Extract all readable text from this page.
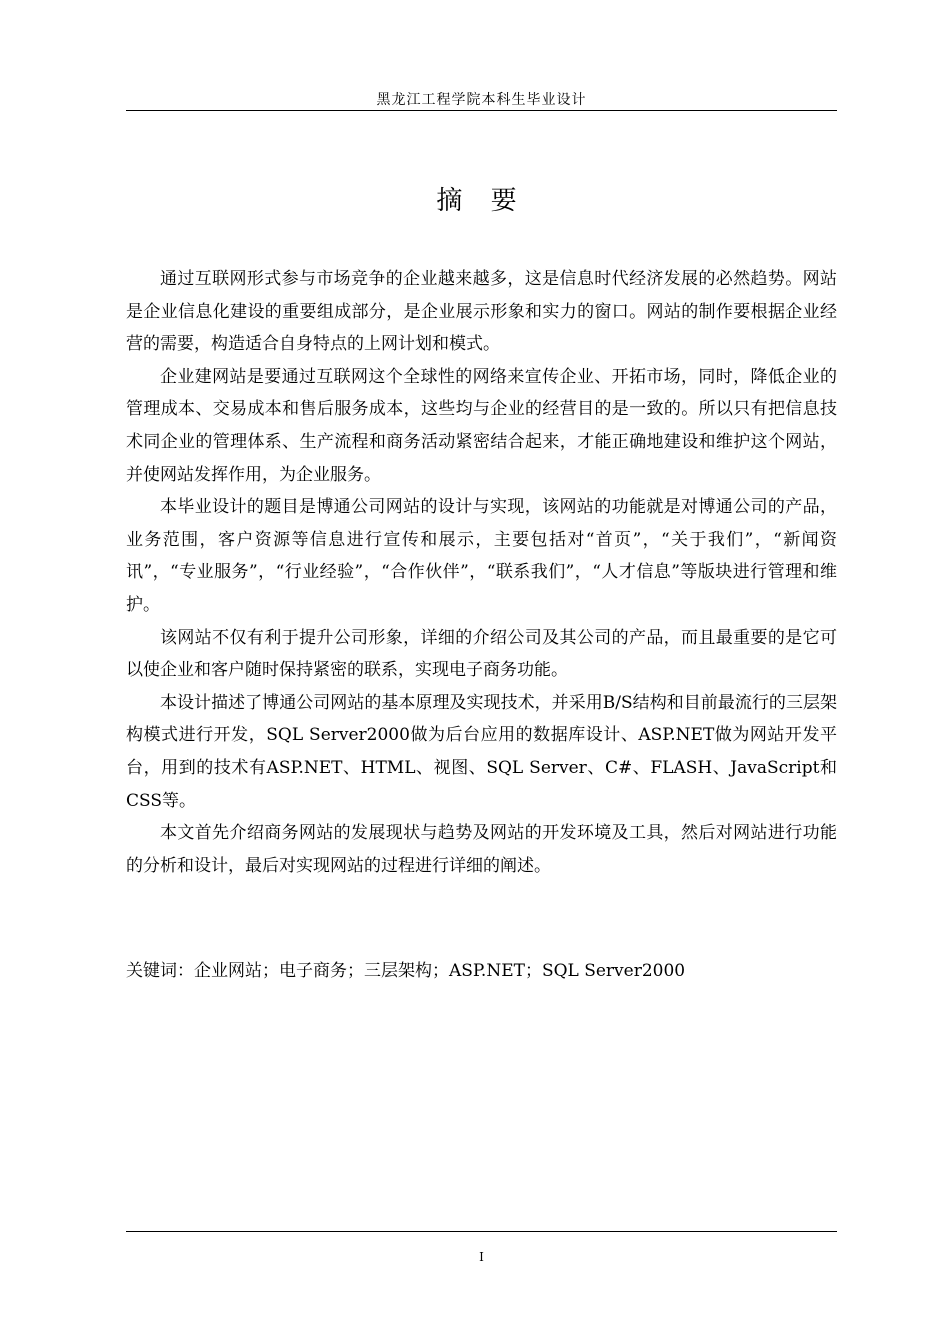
黑龙江工程学院本科生毕业设计
摘 要

通过互联网形式参与市场竞争的企业越来越多，这是信息时代经济发展的必然趋势。网站是企业信息化建设的重要组成部分，是企业展示形象和实力的窗口。网站的制作要根据企业经营的需要，构造适合自身特点的上网计划和模式。

企业建网站是要通过互联网这个全球性的网络来宣传企业、开拓市场，同时，降低企业的管理成本、交易成本和售后服务成本，这些均与企业的经营目的是一致的。所以只有把信息技术同企业的管理体系、生产流程和商务活动紧密结合起来，才能正确地建设和维护这个网站，并使网站发挥作用，为企业服务。

本毕业设计的题目是博通公司网站的设计与实现，该网站的功能就是对博通公司的产品，业务范围，客户资源等信息进行宣传和展示，主要包括对“首页”，“关于我们”，“新闻资讯”，“专业服务”，“行业经验”，“合作伙伴”，“联系我们”，“人才信息”等版块进行管理和维护。

该网站不仅有利于提升公司形象，详细的介绍公司及其公司的产品，而且最重要的是它可以使企业和客户随时保持紧密的联系，实现电子商务功能。

本设计描述了博通公司网站的基本原理及实现技术，并采用B/S结构和目前最流行的三层架构模式进行开发，SQL Server2000做为后台应用的数据库设计、ASP.NET做为网站开发平台，用到的技术有ASP.NET、HTML、视图、SQL Server、C#、FLASH、JavaScript和CSS等。

本文首先介绍商务网站的发展现状与趋势及网站的开发环境及工具，然后对网站进行功能的分析和设计，最后对实现网站的过程进行详细的阐述。

关键词：企业网站；电子商务；三层架构；ASP.NET；SQL Server2000
I
